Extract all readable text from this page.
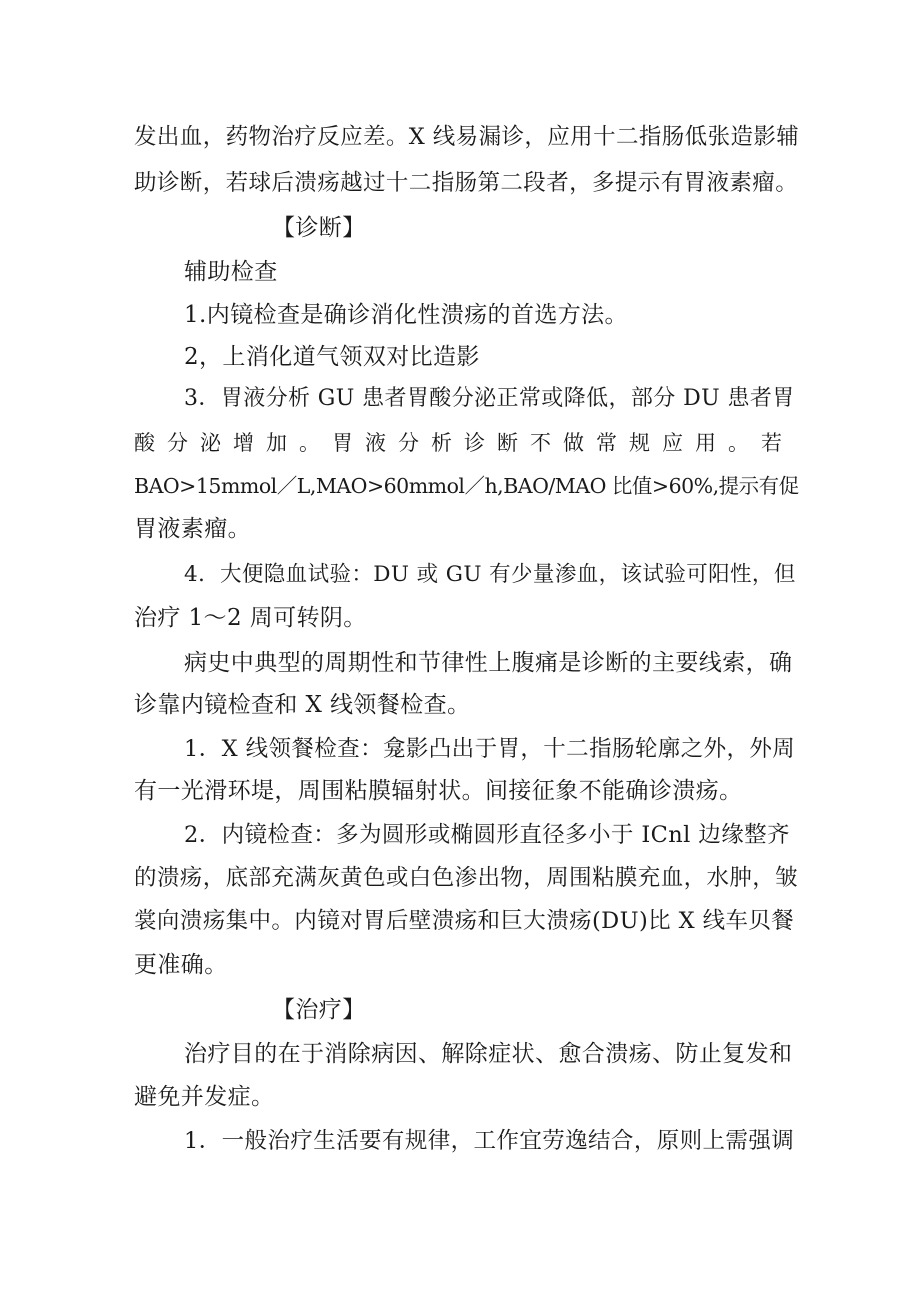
发出血，药物治疗反应差。X 线易漏诊，应用十二指肠低张造影辅
助诊断，若球后溃疡越过十二指肠第二段者，多提示有胃液素瘤。
【诊断】
辅助检查
1.内镜检查是确诊消化性溃疡的首选方法。
2，上消化道气领双对比造影
3．胃液分析 GU 患者胃酸分泌正常或降低，部分 DU 患者胃
酸分泌增加。胃液分析诊断不做常规应用。若
BAO>15mmol／L,MAO>60mmol／h,BAO/MAO 比值>60%,提示有促
胃液素瘤。
4．大便隐血试验：DU 或 GU 有少量渗血，该试验可阳性，但
治疗 1～2 周可转阴。
病史中典型的周期性和节律性上腹痛是诊断的主要线索，确
诊靠内镜检查和 X 线领餐检查。
1．X 线领餐检查：龛影凸出于胃，十二指肠轮廓之外，外周
有一光滑环堤，周围粘膜辐射状。间接征象不能确诊溃疡。
2．内镜检查：多为圆形或椭圆形直径多小于 ICnl 边缘整齐
的溃疡，底部充满灰黄色或白色渗出物，周围粘膜充血，水肿，皱
裳向溃疡集中。内镜对胃后壁溃疡和巨大溃疡(DU)比 X 线车贝餐
更准确。
【治疗】
治疗目的在于消除病因、解除症状、愈合溃疡、防止复发和
避免并发症。
1．一般治疗生活要有规律，工作宜劳逸结合，原则上需强调
